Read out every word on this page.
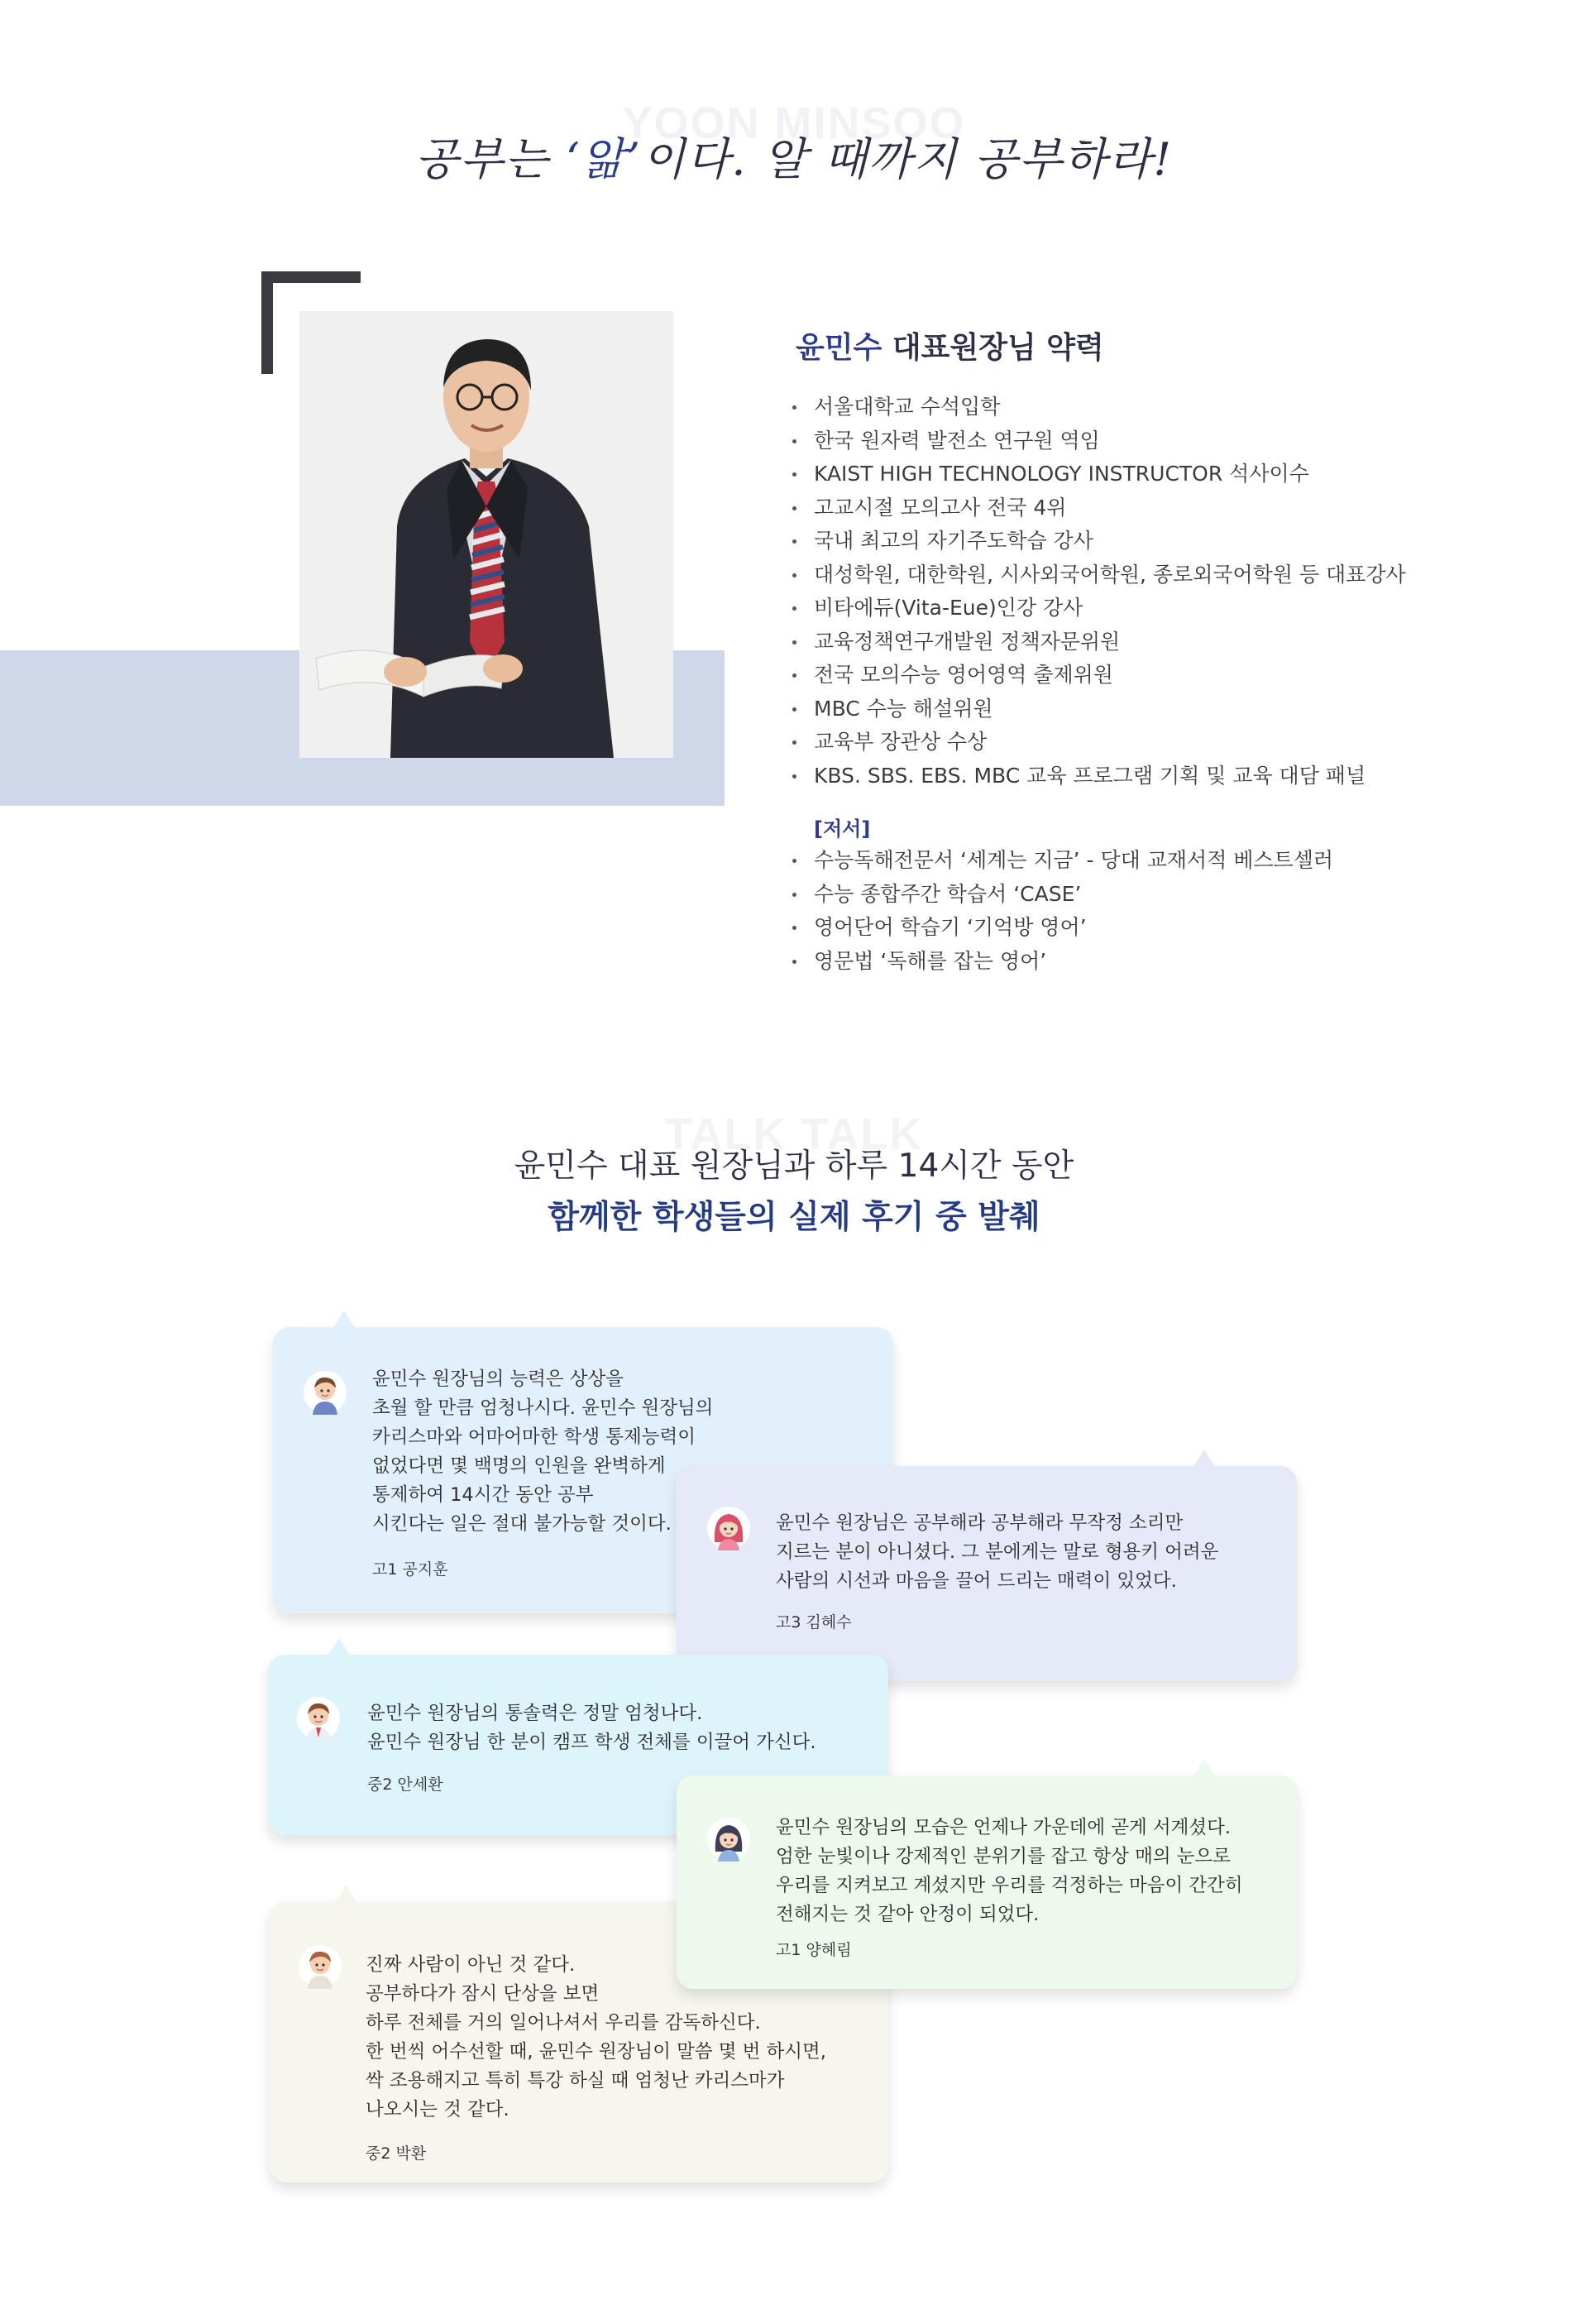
YOON MINSOO
공부는 ‘앎’이다. 알 때까지 공부하라!
윤민수 대표원장님 약력
서울대학교 수석입학
한국 원자력 발전소 연구원 역임
KAIST HIGH TECHNOLOGY INSTRUCTOR 석사이수
고교시절 모의고사 전국 4위
국내 최고의 자기주도학습 강사
대성학원, 대한학원, 시사외국어학원, 종로외국어학원 등 대표강사
비타에듀(Vita-Eue)인강 강사
교육정책연구개발원 정책자문위원
전국 모의수능 영어영역 출제위원
MBC 수능 해설위원
교육부 장관상 수상
KBS. SBS. EBS. MBC 교육 프로그램 기획 및 교육 대담 패널
[저서]
수능독해전문서 ‘세계는 지금’ - 당대 교재서적 베스트셀러
수능 종합주간 학습서 ‘CASE’
영어단어 학습기 ‘기억방 영어’
영문법 ‘독해를 잡는 영어’
TALK TALK
윤민수 대표 원장님과 하루 14시간 동안
함께한 학생들의 실제 후기 중 발췌
윤민수 원장님의 능력은 상상을
초월 할 만큼 엄청나시다. 윤민수 원장님의
카리스마와 어마어마한 학생 통제능력이
없었다면 몇 백명의 인원을 완벽하게
통제하여 14시간 동안 공부
시킨다는 일은 절대 불가능할 것이다.
고1 공지훈
윤민수 원장님은 공부해라 공부해라 무작정 소리만
지르는 분이 아니셨다. 그 분에게는 말로 형용키 어려운
사람의 시선과 마음을 끌어 드리는 매력이 있었다.
고3 김혜수
윤민수 원장님의 통솔력은 정말 엄청나다.
윤민수 원장님 한 분이 캠프 학생 전체를 이끌어 가신다.
중2 안세환
윤민수 원장님의 모습은 언제나 가운데에 곧게 서계셨다.
엄한 눈빛이나 강제적인 분위기를 잡고 항상 매의 눈으로
우리를 지켜보고 계셨지만 우리를 걱정하는 마음이 간간히
전해지는 것 같아 안정이 되었다.
고1 양혜림
진짜 사람이 아닌 것 같다.
공부하다가 잠시 단상을 보면
하루 전체를 거의 일어나셔서 우리를 감독하신다.
한 번씩 어수선할 때, 윤민수 원장님이 말씀 몇 번 하시면,
싹 조용해지고 특히 특강 하실 때 엄청난 카리스마가
나오시는 것 같다.
중2 박환
